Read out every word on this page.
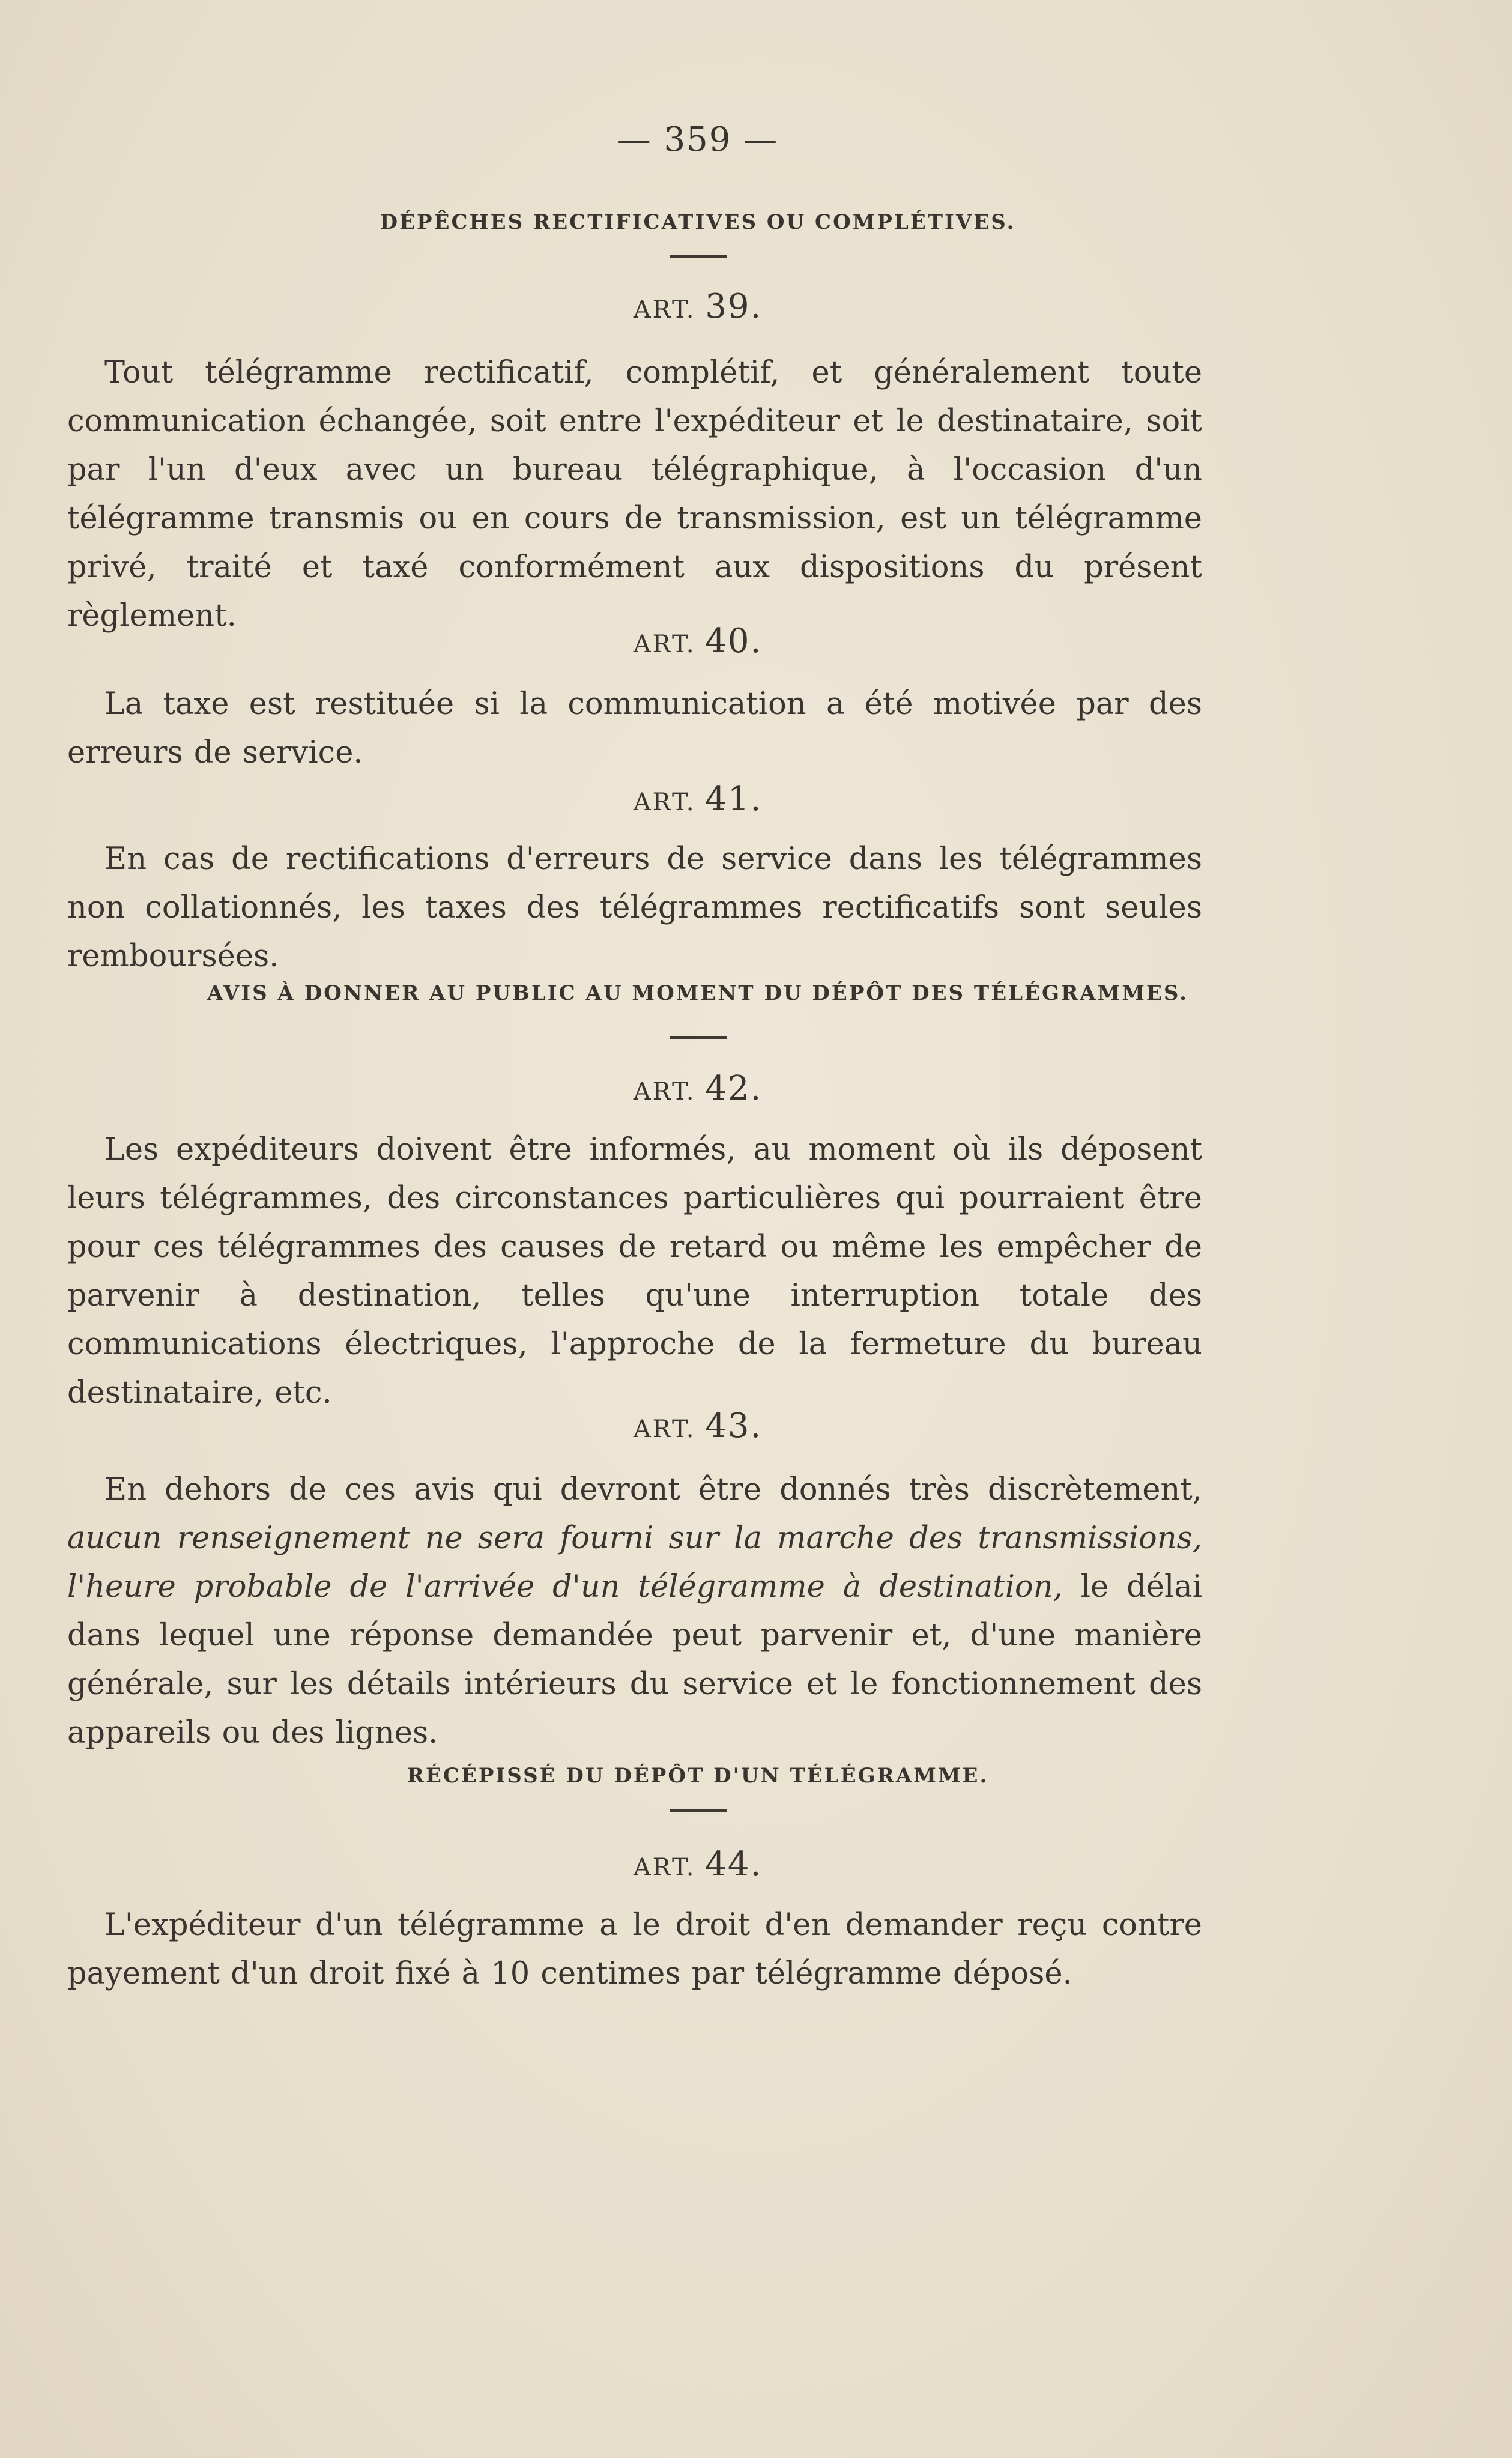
— 359 —
DÉPÊCHES RECTIFICATIVES OU COMPLÉTIVES.
ART. 39.
Tout télégramme rectificatif, complétif, et généralement toute communication échangée, soit entre l'expéditeur et le destinataire, soit par l'un d'eux avec un bureau télégraphique, à l'occasion d'un télégramme transmis ou en cours de transmission, est un télégramme privé, traité et taxé conformément aux dispositions du présent règlement.
ART. 40.
La taxe est restituée si la communication a été motivée par des erreurs de service.
ART. 41.
En cas de rectifications d'erreurs de service dans les télégrammes non collationnés, les taxes des télégrammes rectificatifs sont seules remboursées.
AVIS À DONNER AU PUBLIC AU MOMENT DU DÉPÔT DES TÉLÉGRAMMES.
ART. 42.
Les expéditeurs doivent être informés, au moment où ils déposent leurs télégrammes, des circonstances particulières qui pourraient être pour ces télégrammes des causes de retard ou même les empêcher de parvenir à destination, telles qu'une interruption totale des communications électriques, l'approche de la fermeture du bureau destinataire, etc.
ART. 43.
En dehors de ces avis qui devront être donnés très discrètement, aucun renseignement ne sera fourni sur la marche des transmissions, l'heure probable de l'arrivée d'un télégramme à destination, le délai dans lequel une réponse demandée peut parvenir et, d'une manière générale, sur les détails intérieurs du service et le fonctionnement des appareils ou des lignes.
RÉCÉPISSÉ DU DÉPÔT D'UN TÉLÉGRAMME.
ART. 44.
L'expéditeur d'un télégramme a le droit d'en demander reçu contre payement d'un droit fixé à 10 centimes par télégramme déposé.
